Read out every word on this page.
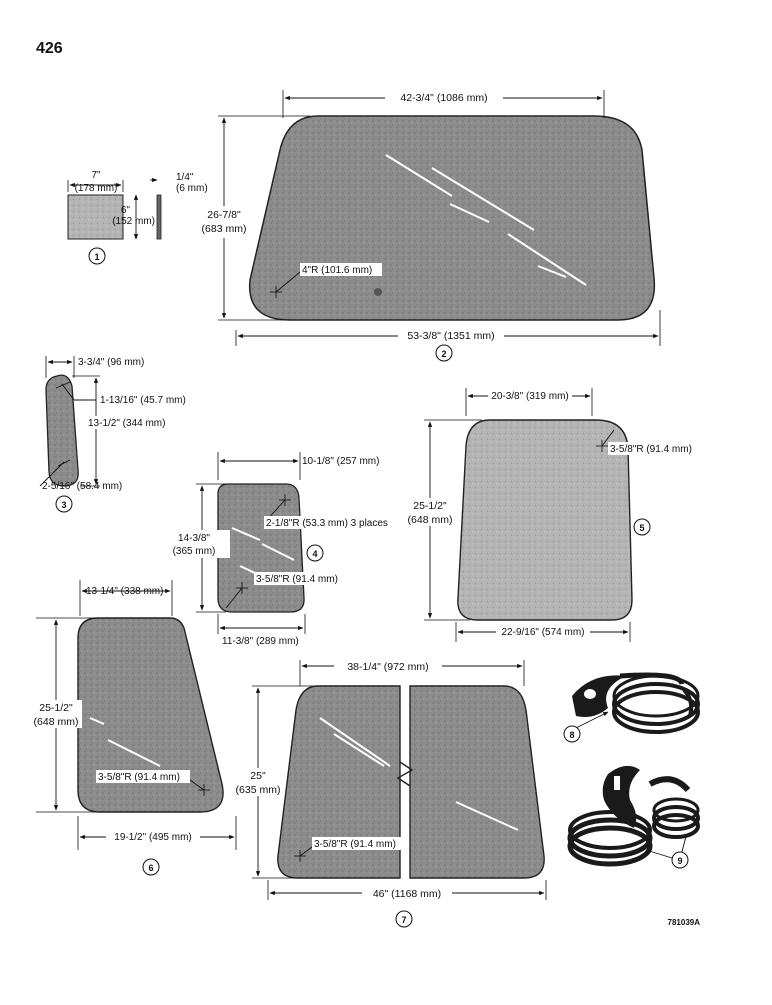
426
7"
(178 mm)
6"
(152 mm)
1/4"
(6 mm)
1
42-3/4" (1086 mm)
26-7/8"
(683 mm)
4"R (101.6 mm)
53-3/8" (1351 mm)
2
3-3/4" (96 mm)
1-13/16" (45.7 mm)
13-1/2" (344 mm)
2-5/16" (58.4 mm)
3
10-1/8" (257 mm)
14-3/8"
(365 mm)
2-1/8"R (53.3 mm) 3 places
4
3-5/8"R (91.4 mm)
11-3/8" (289 mm)
20-3/8" (319 mm)
3-5/8"R (91.4 mm)
25-1/2"
(648 mm)
5
22-9/16" (574 mm)
13-1/4" (338 mm)
25-1/2"
(648 mm)
3-5/8"R (91.4 mm)
19-1/2" (495 mm)
6
38-1/4" (972 mm)
25"
(635 mm)
3-5/8"R (91.4 mm)
46" (1168 mm)
7
8
9
781039A
